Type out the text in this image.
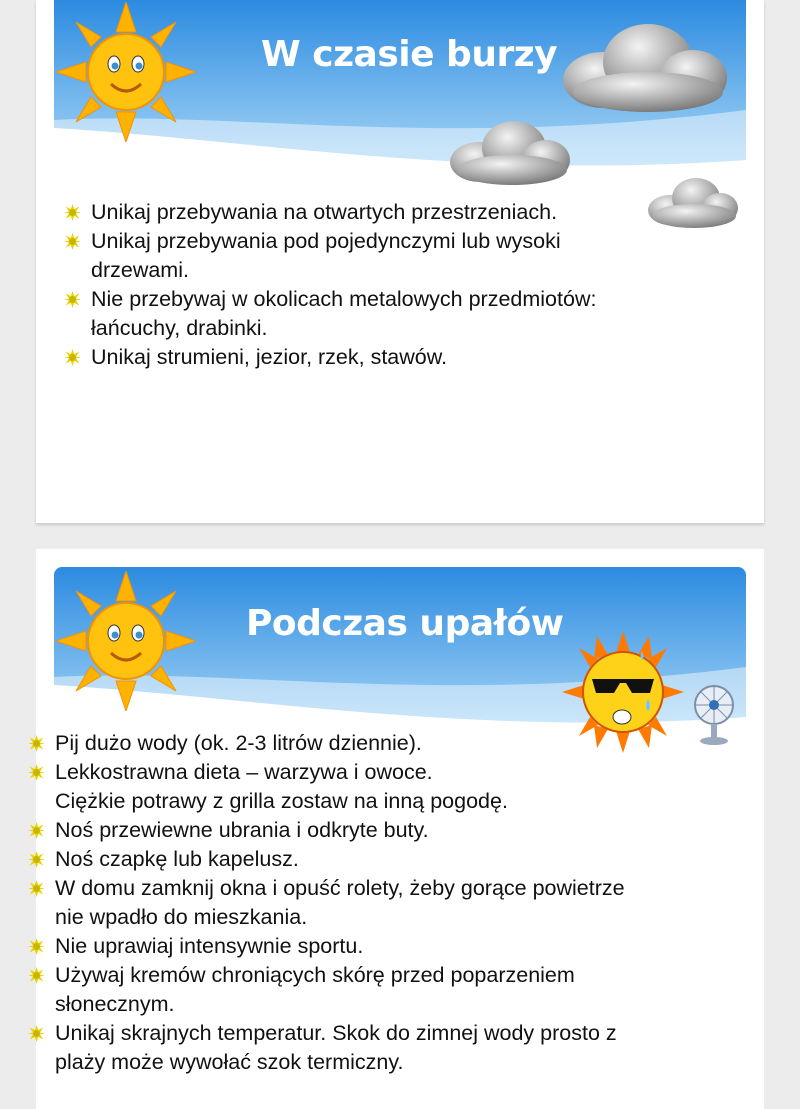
W czasie burzy
Unikaj przebywania na otwartych przestrzeniach.
Unikaj przebywania pod pojedynczymi lub wysoki
drzewami.
Nie przebywaj w okolicach metalowych przedmiotów:
łańcuchy, drabinki.
Unikaj strumieni, jezior, rzek, stawów.
Podczas upałów
Pij dużo wody (ok. 2-3 litrów dziennie).
Lekkostrawna dieta – warzywa i owoce.
Ciężkie potrawy z grilla zostaw na inną pogodę.
Noś przewiewne ubrania i odkryte buty.
Noś czapkę lub kapelusz.
W domu zamknij okna i opuść rolety, żeby gorące powietrze
nie wpadło do mieszkania.
Nie uprawiaj intensywnie sportu.
Używaj kremów chroniących skórę przed poparzeniem
słonecznym.
Unikaj skrajnych temperatur. Skok do zimnej wody prosto z
plaży może wywołać szok termiczny.
